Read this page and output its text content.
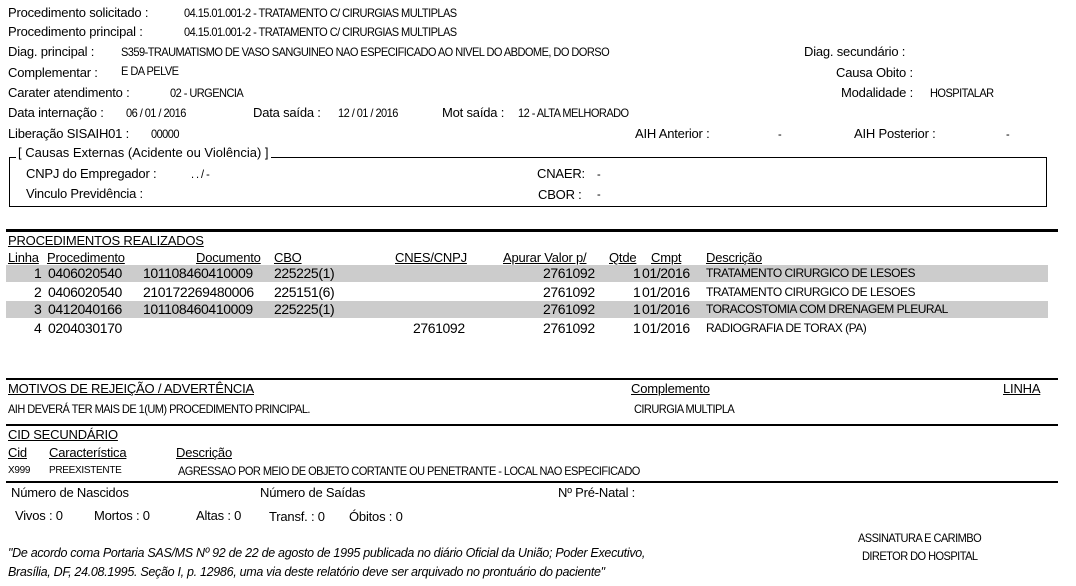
Procedimento solicitado :	04.15.01.001-2 - TRATAMENTO C/ CIRURGIAS MULTIPLAS
Procedimento principal :	04.15.01.001-2 - TRATAMENTO C/ CIRURGIAS MULTIPLAS
Diag. principal : S359-TRAUMATISMO DE VASO SANGUINEO NAO ESPECIFICADO AO NIVEL DO ABDOME, DO DORSO	Diag. secundário :
Complementar : E DA PELVE	Causa Obito :
Carater atendimento :	02 - URGENCIA	Modalidade : HOSPITALAR
Data internação : 06 / 01 / 2016	Data saída : 12 / 01 / 2016	Mot saída : 12 - ALTA MELHORADO
Liberação SISAIH01 : 00000	AIH Anterior :	-	AIH Posterior :	-
[ Causas Externas (Acidente ou Violência) ]
CNPJ do Empregador :	. . / -	CNAER: -
Vinculo Previdência :	CBOR : -
PROCEDIMENTOS REALIZADOS
Linha Procedimento	Documento CBO	CNES/CNPJ	Apurar Valor p/ Qtde Cmpt Descrição
1 0406020540 101108460410009 225225(1)	2761092	1 01/2016 TRATAMENTO CIRURGICO DE LESOES
2 0406020540 210172269480006 225151(6)	2761092	1 01/2016 TRATAMENTO CIRURGICO DE LESOES
3 0412040166 101108460410009 225225(1)	2761092	1 01/2016 TORACOSTOMIA COM DRENAGEM PLEURAL
4 0204030170	2761092	2761092	1 01/2016 RADIOGRAFIA DE TORAX (PA)
MOTIVOS DE REJEIÇÃO / ADVERTÊNCIA	Complemento	LINHA
AIH DEVERÁ TER MAIS DE 1(UM) PROCEDIMENTO PRINCIPAL.	CIRURGIA MULTIPLA
CID SECUNDÁRIO
Cid Característica	Descrição
X999 PREEXISTENTE	AGRESSAO POR MEIO DE OBJETO CORTANTE OU PENETRANTE - LOCAL NAO ESPECIFICADO
Número de Nascidos	Número de Saídas	Nº Pré-Natal :
Vivos : 0 Mortos : 0	Altas : 0 Transf. : 0 Óbitos : 0
"De acordo coma Portaria SAS/MS Nº 92 de 22 de agosto de 1995 publicada no diário Oficial da União; Poder Executivo,
Brasília, DF, 24.08.1995. Seção I, p. 12986, uma via deste relatório deve ser arquivado no prontuário do paciente"
ASSINATURA E CARIMBO
DIRETOR DO HOSPITAL
